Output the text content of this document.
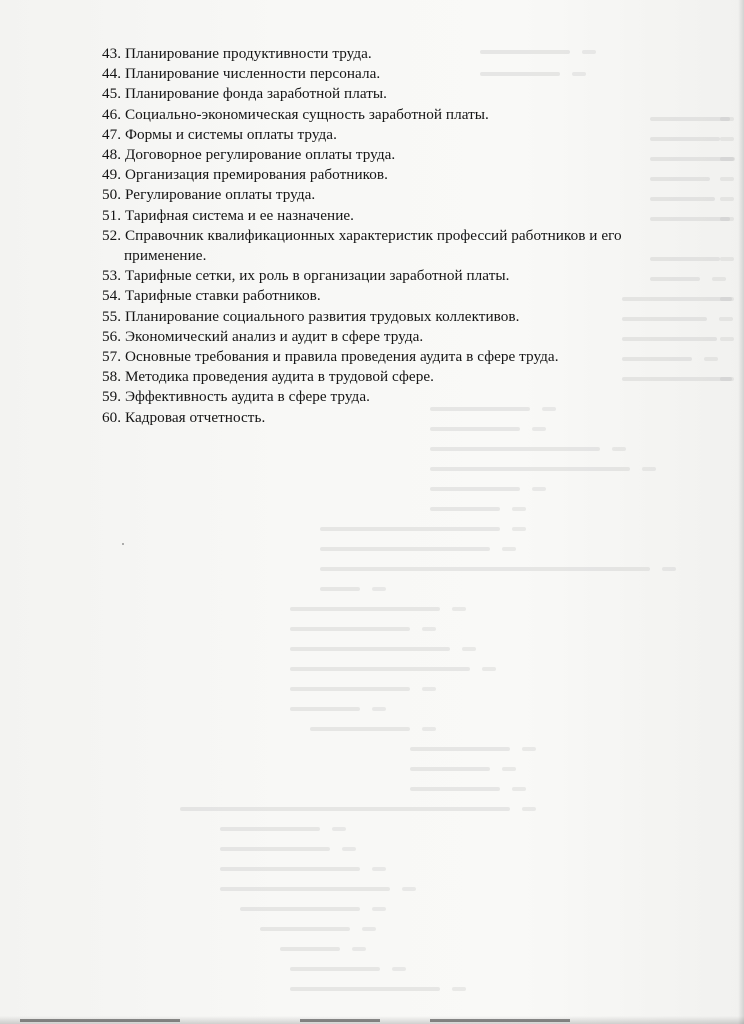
43. Планирование продуктивности труда.
44. Планирование численности персонала.
45. Планирование фонда заработной платы.
46. Социально-экономическая сущность заработной платы.
47. Формы и системы оплаты труда.
48. Договорное регулирование оплаты труда.
49. Организация премирования работников.
50. Регулирование оплаты труда.
51. Тарифная система и ее назначение.
52. Справочник квалификационных характеристик профессий работников и его применение.
53. Тарифные сетки, их роль в организации заработной платы.
54. Тарифные ставки работников.
55. Планирование социального развития трудовых коллективов.
56. Экономический анализ и аудит в сфере труда.
57. Основные требования и правила проведения аудита в сфере труда.
58. Методика проведения аудита в трудовой сфере.
59. Эффективность аудита в сфере труда.
60. Кадровая отчетность.
